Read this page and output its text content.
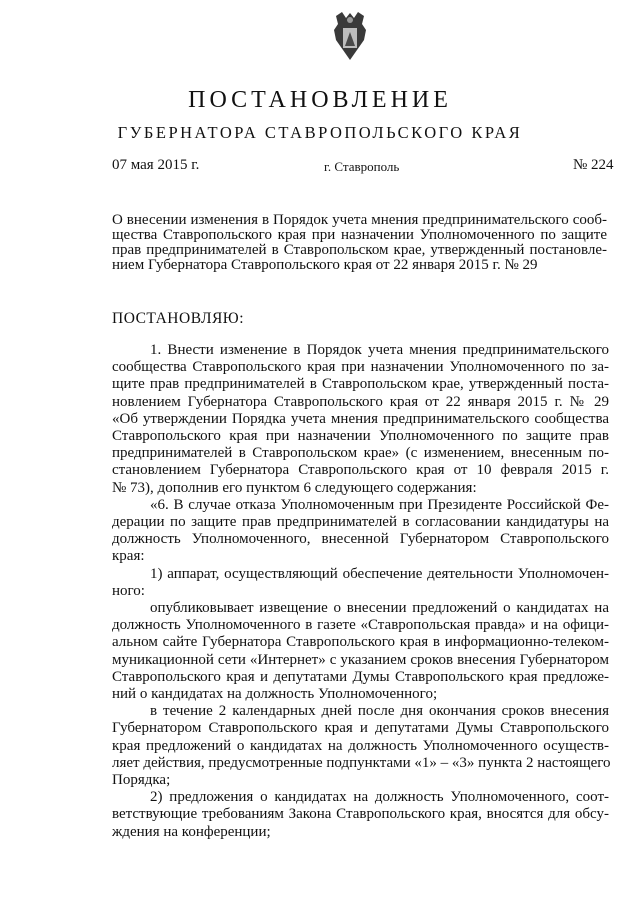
ПОСТАНОВЛЕНИЕ
ГУБЕРНАТОРА СТАВРОПОЛЬСКОГО КРАЯ
07 мая 2015 г.	г. Ставрополь	№ 224
О внесении изменения в Порядок учета мнения предпринимательского сооб-
щества Ставропольского края при назначении Уполномоченного по защите
прав предпринимателей в Ставропольском крае, утвержденный постановле-
нием Губернатора Ставропольского края от 22 января 2015 г. № 29
ПОСТАНОВЛЯЮ:
1. Внести изменение в Порядок учета мнения предпринимательского
сообщества Ставропольского края при назначении Уполномоченного по за-
щите прав предпринимателей в Ставропольском крае, утвержденный поста-
новлением Губернатора Ставропольского края от 22 января 2015 г. № 29
«Об утверждении Порядка учета мнения предпринимательского сообщества
Ставропольского края при назначении Уполномоченного по защите прав
предпринимателей в Ставропольском крае» (с изменением, внесенным по-
становлением Губернатора Ставропольского края от 10 февраля 2015 г.
№ 73), дополнив его пунктом 6 следующего содержания:
«6. В случае отказа Уполномоченным при Президенте Российской Фе-
дерации по защите прав предпринимателей в согласовании кандидатуры на
должность Уполномоченного, внесенной Губернатором Ставропольского
края:
1) аппарат, осуществляющий обеспечение деятельности Уполномочен-
ного:
опубликовывает извещение о внесении предложений о кандидатах на
должность Уполномоченного в газете «Ставропольская правда» и на офици-
альном сайте Губернатора Ставропольского края в информационно-телеком-
муникационной сети «Интернет» с указанием сроков внесения Губернатором
Ставропольского края и депутатами Думы Ставропольского края предложе-
ний о кандидатах на должность Уполномоченного;
в течение 2 календарных дней после дня окончания сроков внесения
Губернатором Ставропольского края и депутатами Думы Ставропольского
края предложений о кандидатах на должность Уполномоченного осуществ-
ляет действия, предусмотренные подпунктами «1» – «3» пункта 2 настоящего
Порядка;
2) предложения о кандидатах на должность Уполномоченного, соот-
ветствующие требованиям Закона Ставропольского края, вносятся для обсу-
ждения на конференции;
